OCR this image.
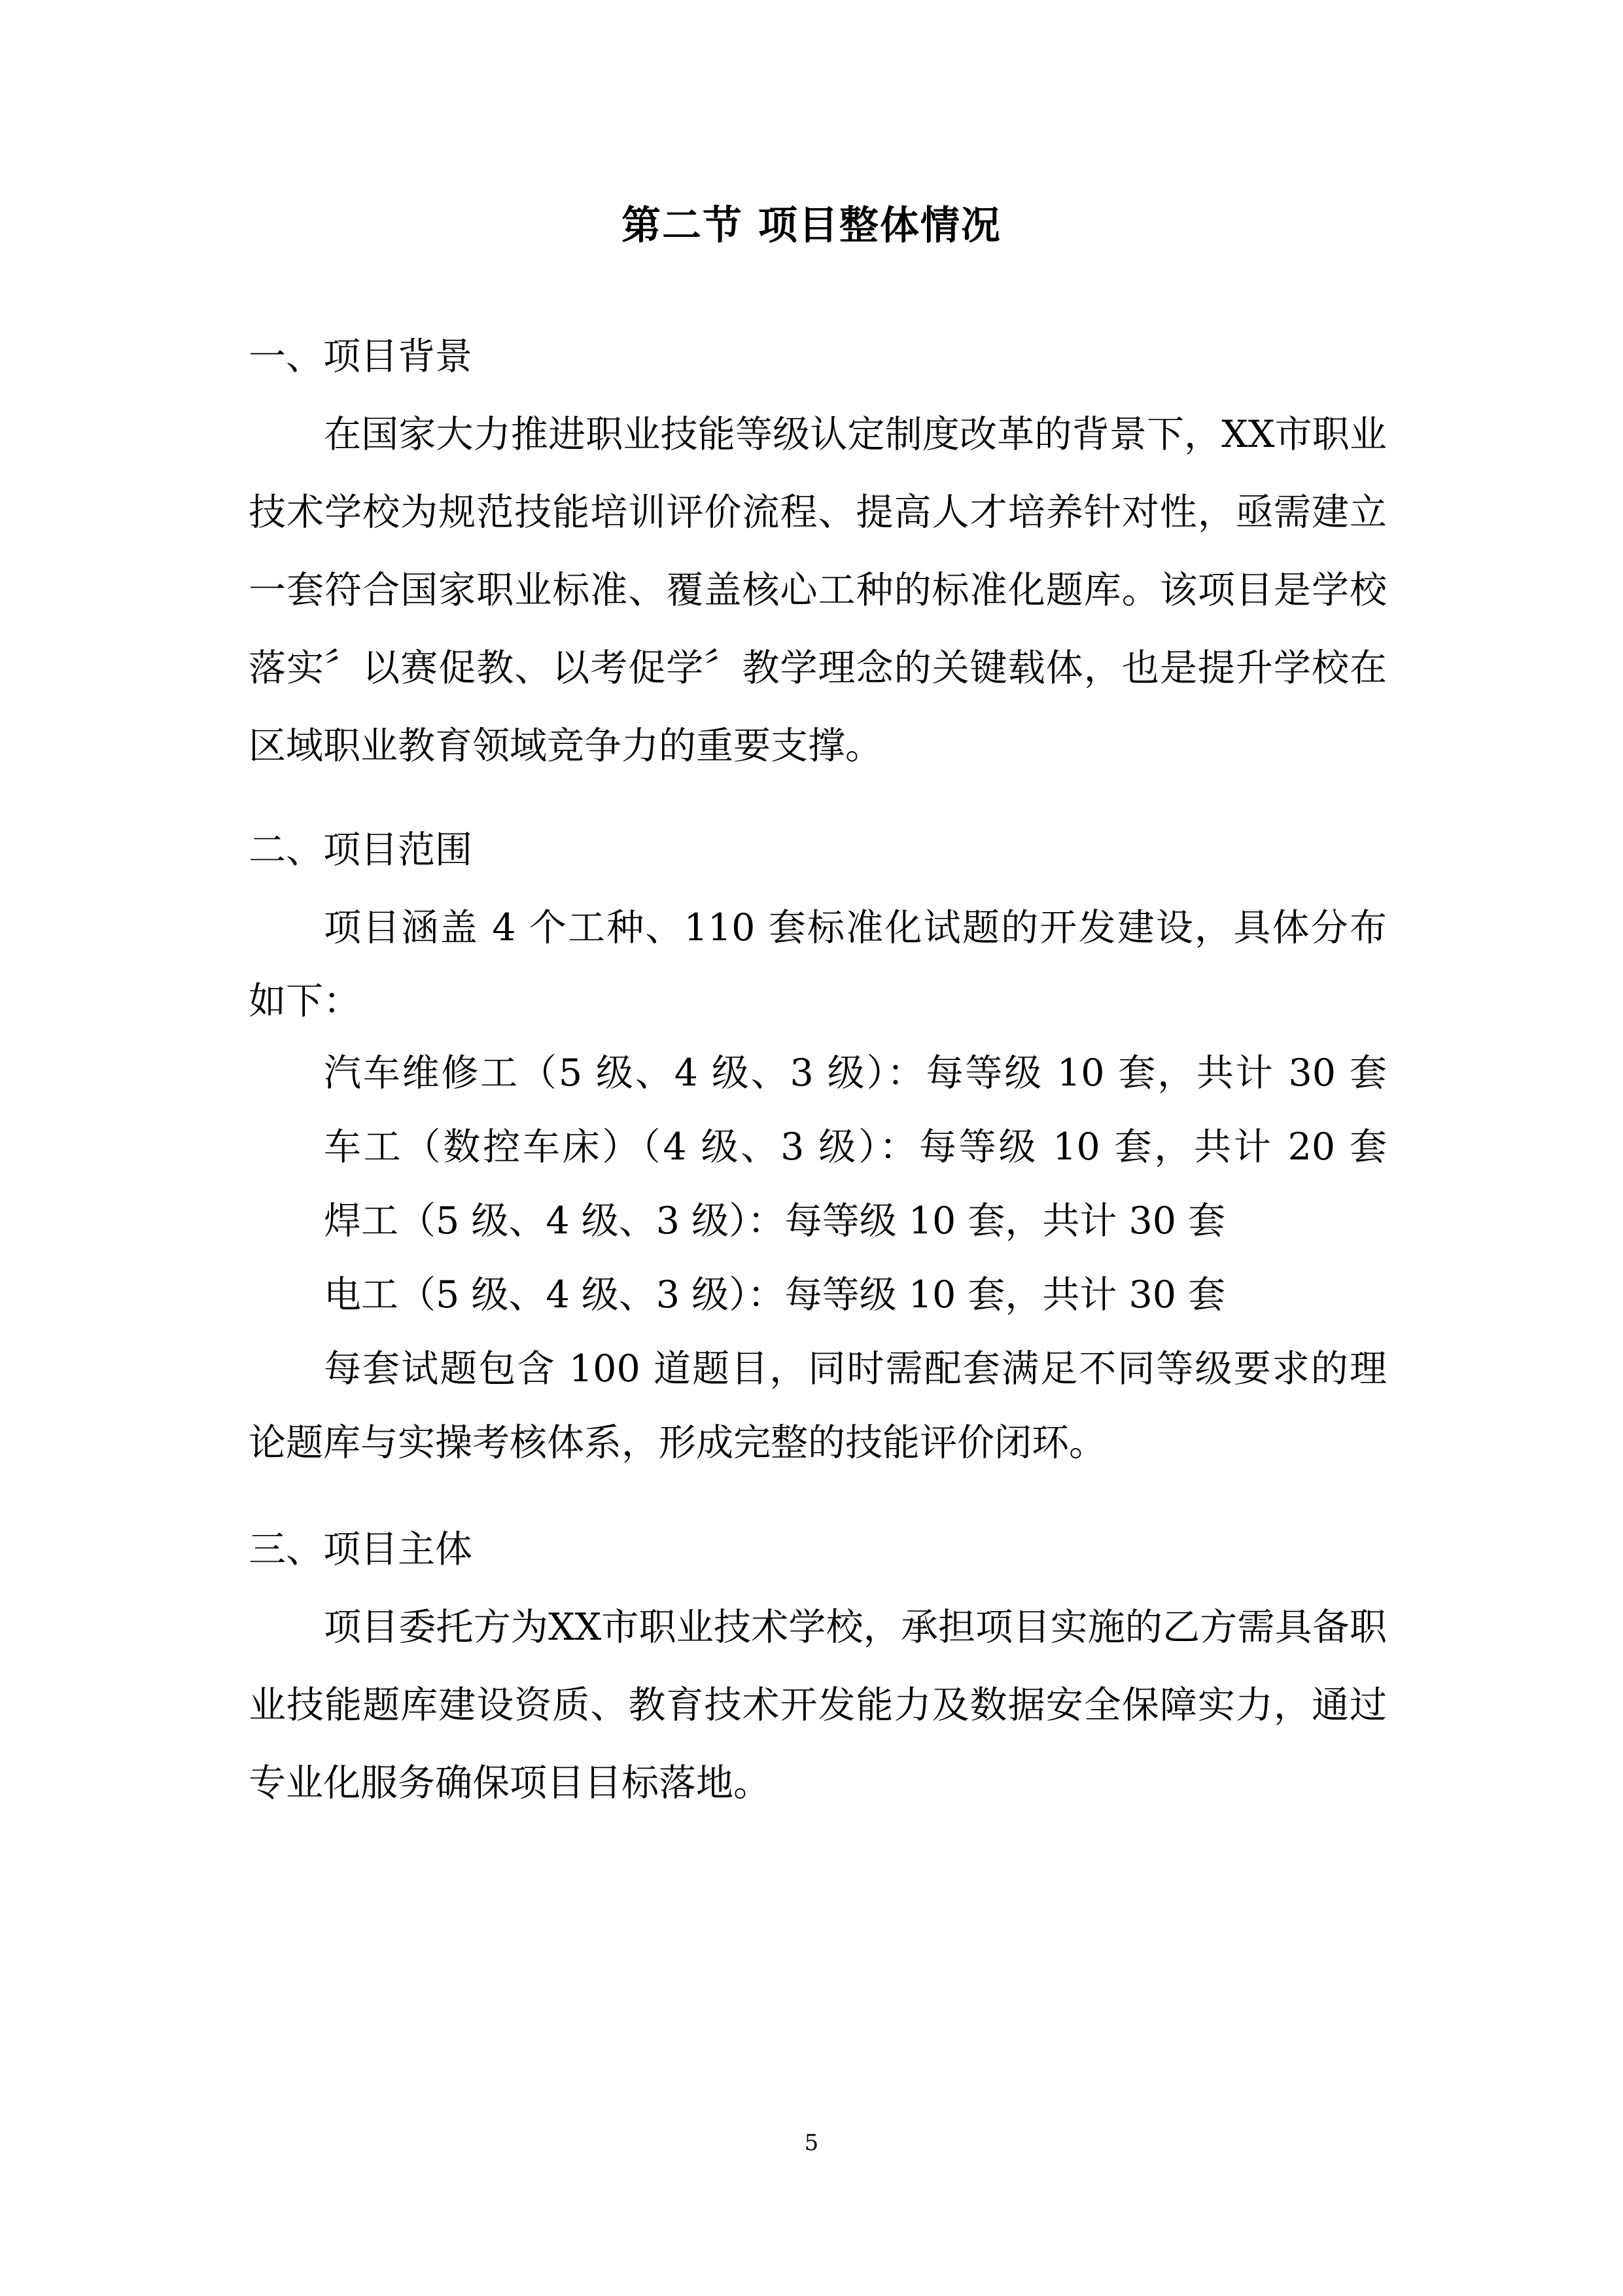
第二节 项目整体情况
一、项目背景
在国家大力推进职业技能等级认定制度改革的背景下，XX市职业
技术学校为规范技能培训评价流程、提高人才培养针对性，亟需建立
一套符合国家职业标准、覆盖核心工种的标准化题库。该项目是学校
落实〞以赛促教、以考促学〞教学理念的关键载体，也是提升学校在
区域职业教育领域竞争力的重要支撑。
二、项目范围
项目涵盖 4 个工种、110 套标准化试题的开发建设，具体分布
如下：
汽车维修工（5 级、4 级、3 级）：每等级 10 套，共计 30 套
车工（数控车床）（4 级、3 级）：每等级 10 套，共计 20 套
焊工（5 级、4 级、3 级）：每等级 10 套，共计 30 套
电工（5 级、4 级、3 级）：每等级 10 套，共计 30 套
每套试题包含 100 道题目，同时需配套满足不同等级要求的理
论题库与实操考核体系，形成完整的技能评价闭环。
三、项目主体
项目委托方为XX市职业技术学校，承担项目实施的乙方需具备职
业技能题库建设资质、教育技术开发能力及数据安全保障实力，通过
专业化服务确保项目目标落地。
5
